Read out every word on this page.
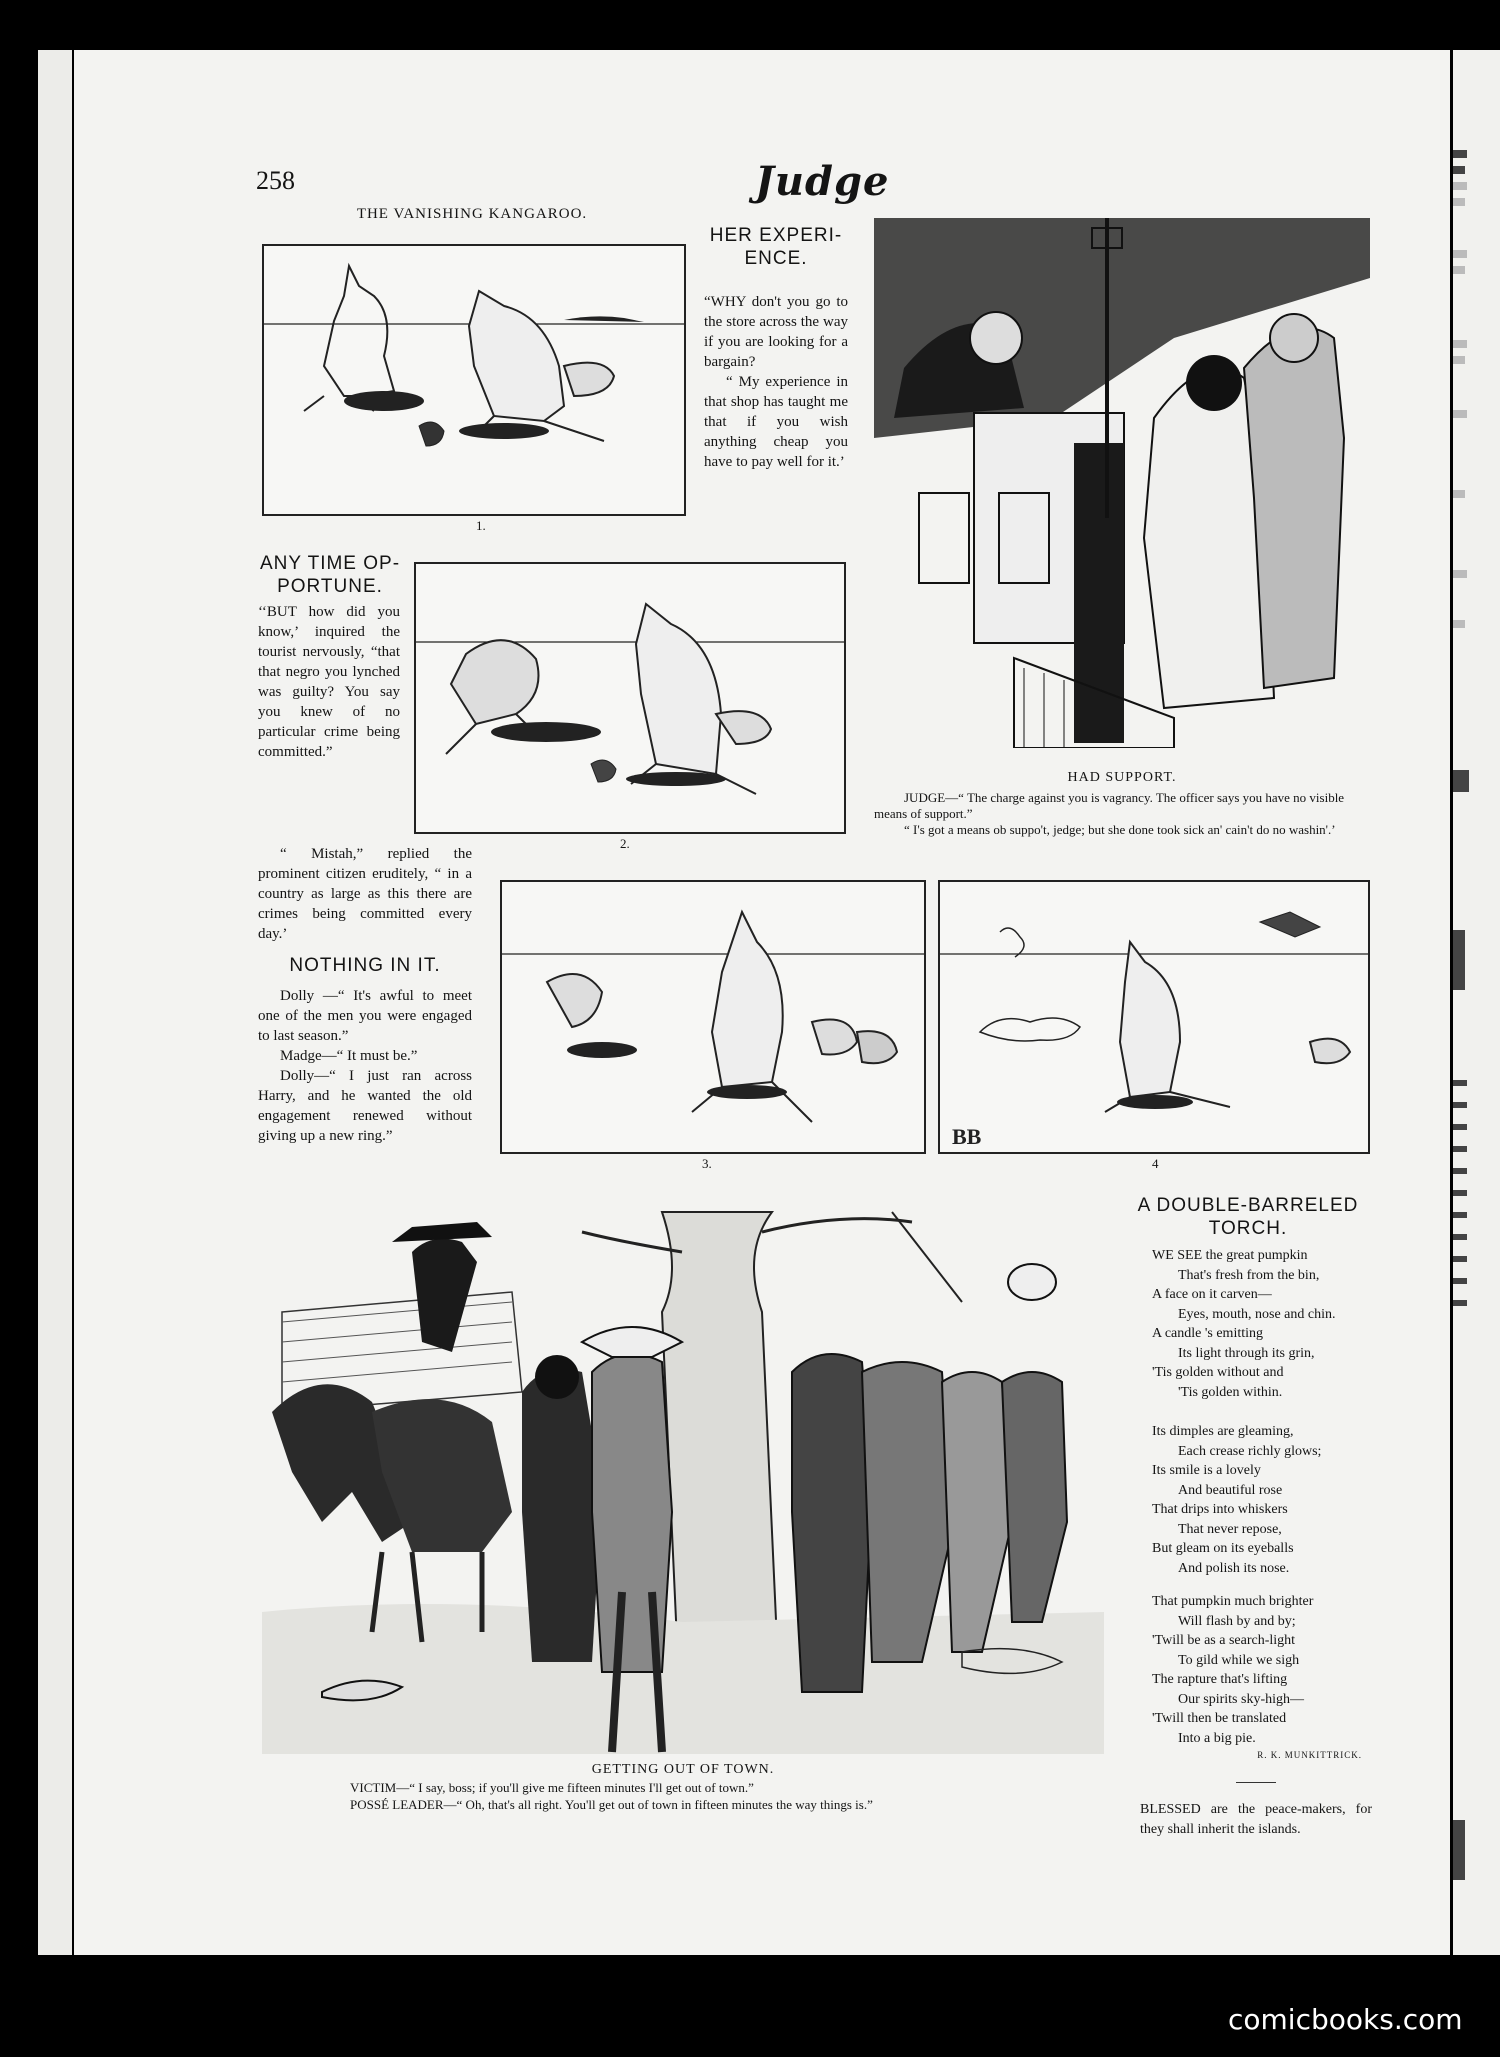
258	Judge
THE VANISHING KANGAROO.
1.
HER EXPERI-
ENCE.

“WHY don't you go to the store across the way if you are looking for a bargain?

“ My experience in that shop has taught me that if you wish anything cheap you have to pay well for it.’

HAD SUPPORT.
JUDGE—“ The charge against you is vagrancy. The officer says you have no visible means of support.”
“ I's got a means ob suppo't, jedge; but she done took sick an' cain't do no washin'.’
ANY TIME OP-
PORTUNE.

‘‘BUT how did you know,’ inquired the tourist nervously, “that that negro you lynched was guilty? You say you knew of no particular crime being committed.”

“ Mistah,” replied the prominent citizen eruditely, “ in a country as large as this there are crimes being committed every day.’

2.
NOTHING IN IT.

Dolly —“ It's awful to meet one of the men you were engaged to last season.”

Madge—“ It must be.”

Dolly—“ I just ran across Harry, and he wanted the old engagement renewed without giving up a new ring.”

3.
BB
4
GETTING OUT OF TOWN.
VICTIM—“ I say, boss; if you'll give me fifteen minutes I'll get out of town.”
POSSÉ LEADER—“ Oh, that's all right. You'll get out of town in fifteen minutes the way things is.”
A DOUBLE-BARRELED
TORCH.
WE SEE the great pumpkin
That's fresh from the bin,
A face on it carven—
Eyes, mouth, nose and chin.
A candle 's emitting
Its light through its grin,
'Tis golden without and
'Tis golden within.
Its dimples are gleaming,
Each crease richly glows;
Its smile is a lovely
And beautiful rose
That drips into whiskers
That never repose,
But gleam on its eyeballs
And polish its nose.
That pumpkin much brighter
Will flash by and by;
'Twill be as a search-light
To gild while we sigh
The rapture that's lifting
Our spirits sky-high—
'Twill then be translated
Into a big pie.
R. K. MUNKITTRICK.
BLESSED are the peace-makers, for they shall inherit the islands.
comicbooks.com
